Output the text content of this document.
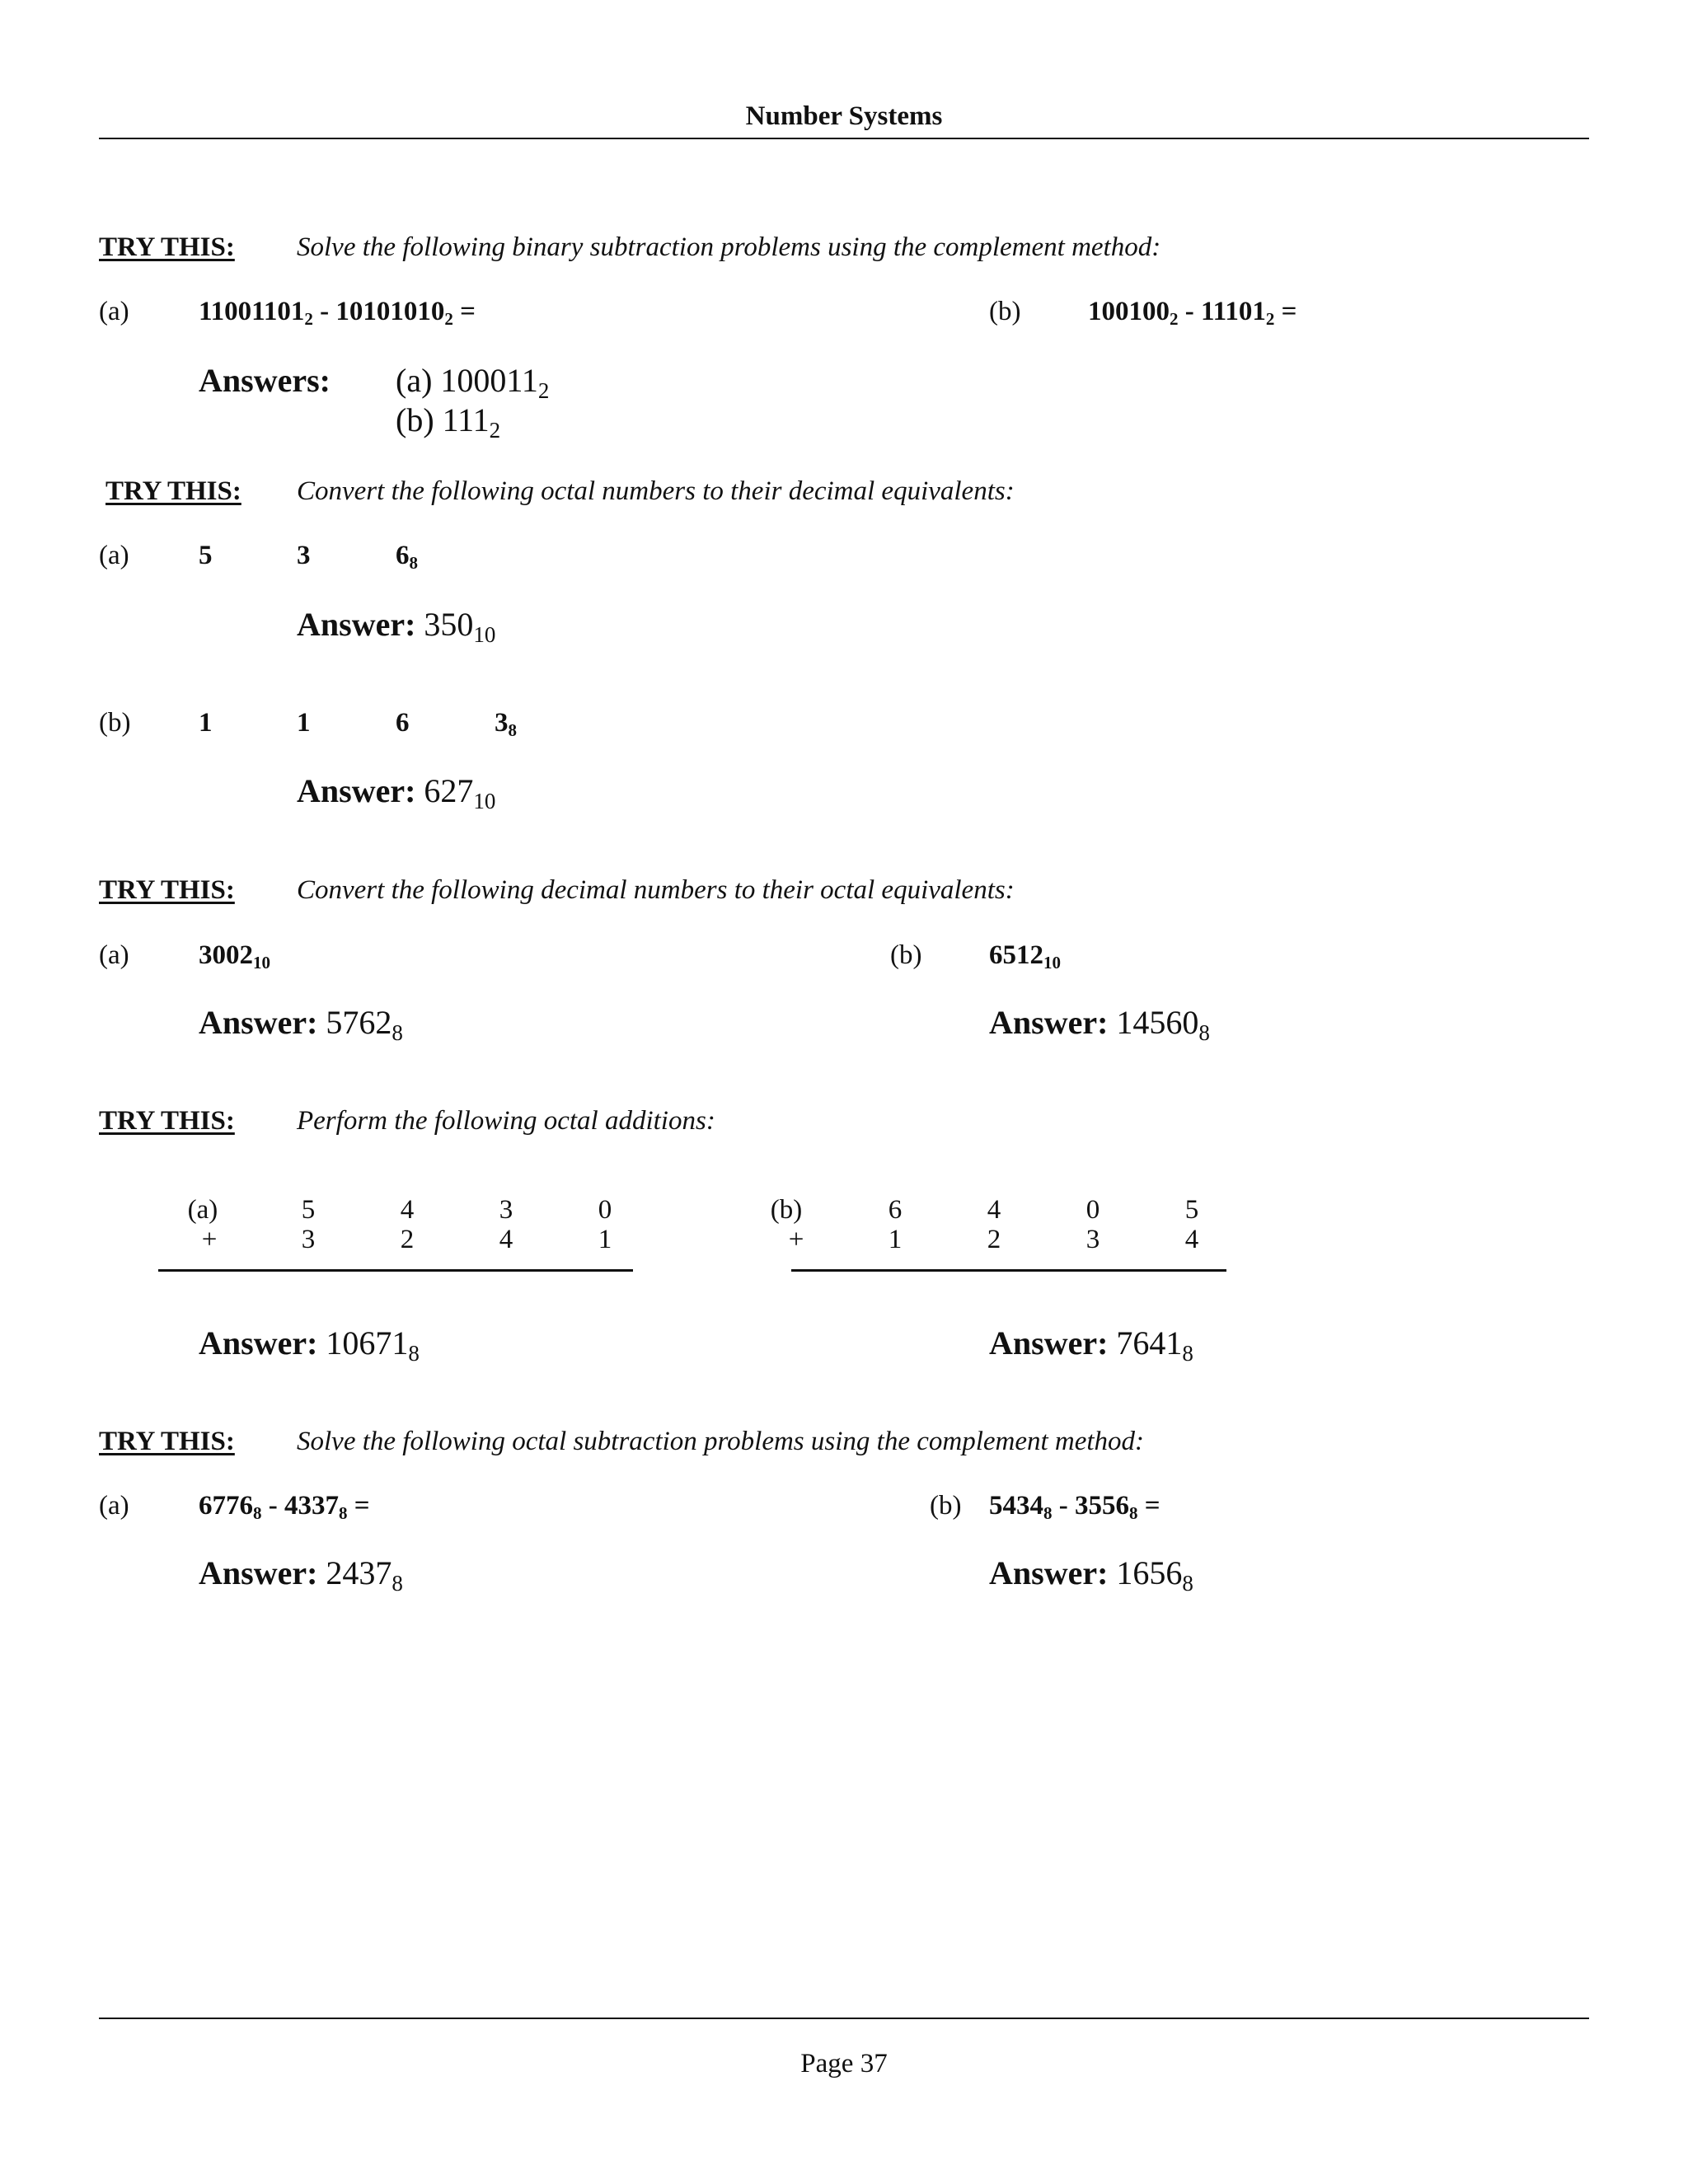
Number Systems
TRY THIS: Solve the following binary subtraction problems using the complement method:
(a)	$11001101_2 - 10101010_2$ =	(b) $100100_2 - 11101_2$ =
Answers: (a) $100011_2$
(b) $111_2$
TRY THIS: Convert the following octal numbers to their decimal equivalents:
(a)	5	3	$6_8$
Answer: $350_{10}$
(b)	1	1	6	$3_8$
Answer: $627_{10}$
TRY THIS: Convert the following decimal numbers to their octal equivalents:
(a)	$3002_{10}$	(b) $6512_{10}$
Answer: $5762_8$	Answer: $14560_8$
TRY THIS: Perform the following octal additions:
(a)	5	4	3	0
+	3	2	4	1
(b)	6	4	0	5
+	1	2	3	4
Answer: $10671_8$	Answer: $7641_8$
TRY THIS: Solve the following octal subtraction problems using the complement method:
(a)	$6776_8 - 4337_8$ =	(b) $5434_8 - 3556_8$ =
Answer: $2437_8$	Answer: $1656_8$
Page 37
